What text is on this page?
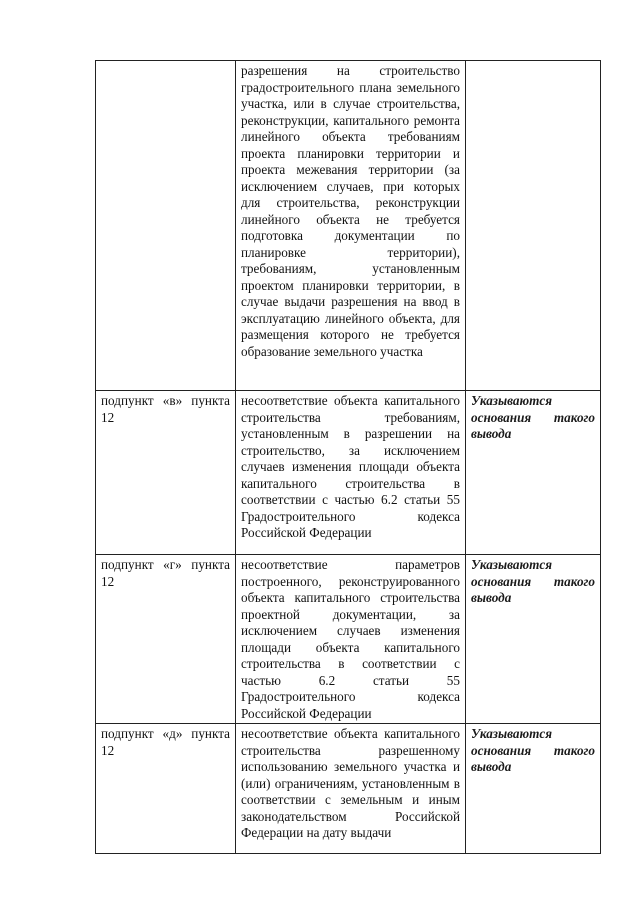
	разрешения на строительство градостроительного плана земельного участка, или в случае строительства, реконструкции, капитального ремонта линейного объекта требованиям проекта планировки территории и проекта межевания территории (за исключением случаев, при которых для строительства, реконструкции линейного объекта не требуется подготовка документации по планировке территории), требованиям, установленным проектом планировки территории, в случае выдачи разрешения на ввод в эксплуатацию линейного объекта, для размещения которого не требуется образование земельного участка	
подпункт «в» пункта 12	несоответствие объекта капитального строительства требованиям, установленным в разрешении на строительство, за исключением случаев изменения площади объекта капитального строительства в соответствии с частью 6.2 статьи 55 Градостроительного кодекса Российской Федерации	Указываются основания такого вывода
подпункт «г» пункта 12	несоответствие параметров построенного, реконструированного объекта капитального строительства проектной документации, за исключением случаев изменения площади объекта капитального строительства в соответствии с частью 6.2 статьи 55 Градостроительного кодекса Российской Федерации	Указываются основания такого вывода
подпункт «д» пункта 12	несоответствие объекта капитального строительства разрешенному использованию земельного участка и (или) ограничениям, установленным в соответствии с земельным и иным законодательством Российской Федерации на дату выдачи	Указываются основания такого вывода
